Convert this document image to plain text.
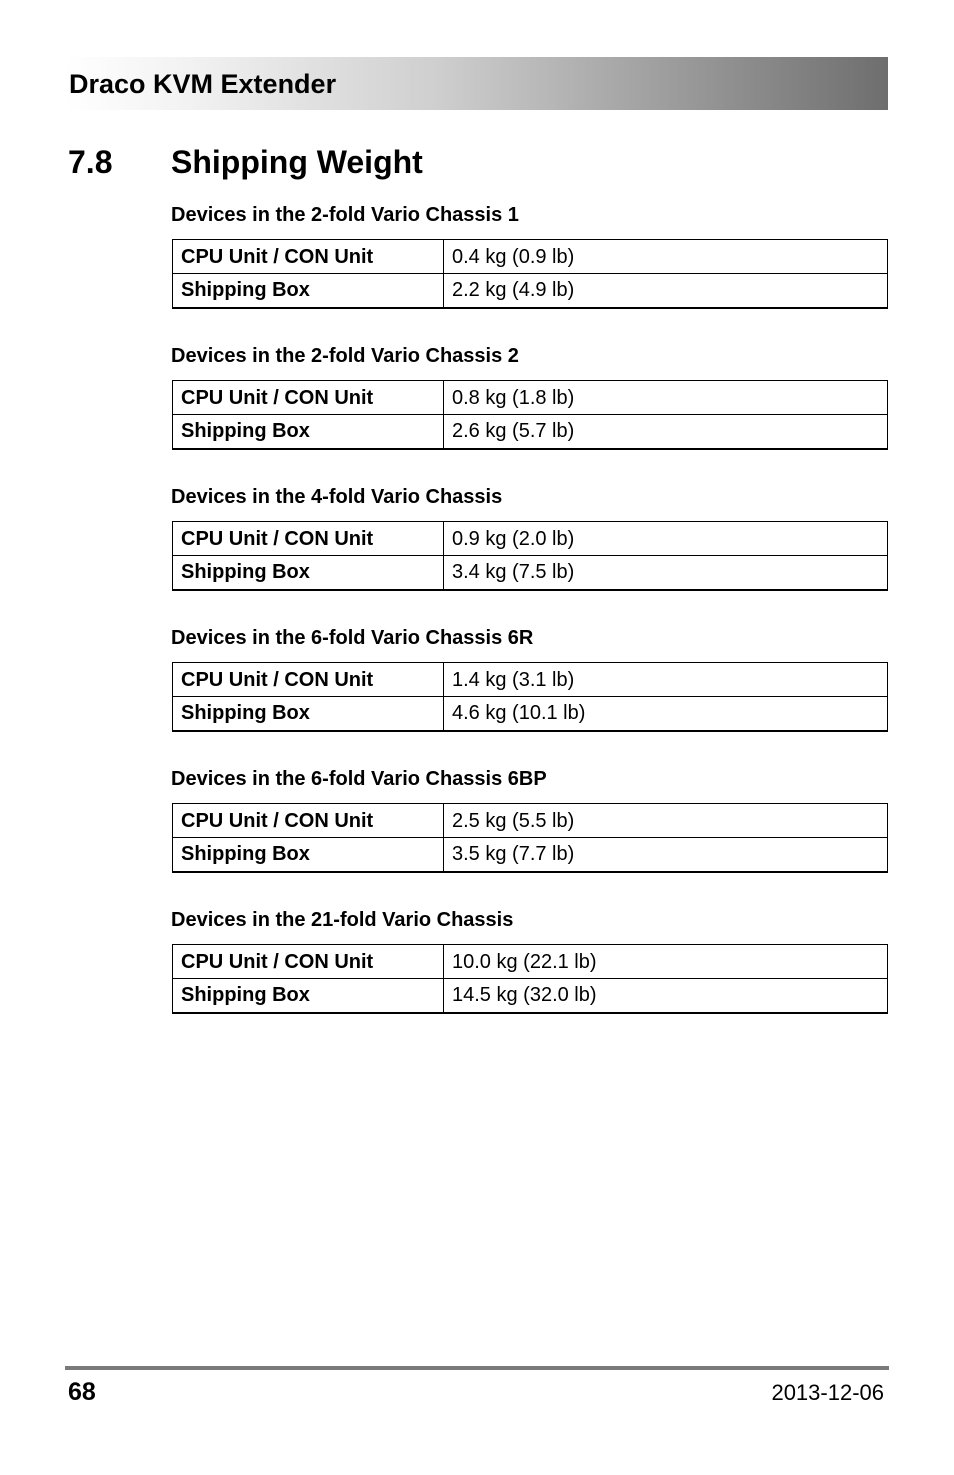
Draco KVM Extender
7.8 Shipping Weight
Devices in the 2-fold Vario Chassis 1
CPU Unit / CON Unit	0.4 kg (0.9 lb)
Shipping Box	2.2 kg (4.9 lb)
Devices in the 2-fold Vario Chassis 2
CPU Unit / CON Unit	0.8 kg (1.8 lb)
Shipping Box	2.6 kg (5.7 lb)
Devices in the 4-fold Vario Chassis
CPU Unit / CON Unit	0.9 kg (2.0 lb)
Shipping Box	3.4 kg (7.5 lb)
Devices in the 6-fold Vario Chassis 6R
CPU Unit / CON Unit	1.4 kg (3.1 lb)
Shipping Box	4.6 kg (10.1 lb)
Devices in the 6-fold Vario Chassis 6BP
CPU Unit / CON Unit	2.5 kg (5.5 lb)
Shipping Box	3.5 kg (7.7 lb)
Devices in the 21-fold Vario Chassis
CPU Unit / CON Unit	10.0 kg (22.1 lb)
Shipping Box	14.5 kg (32.0 lb)
68	2013-12-06
